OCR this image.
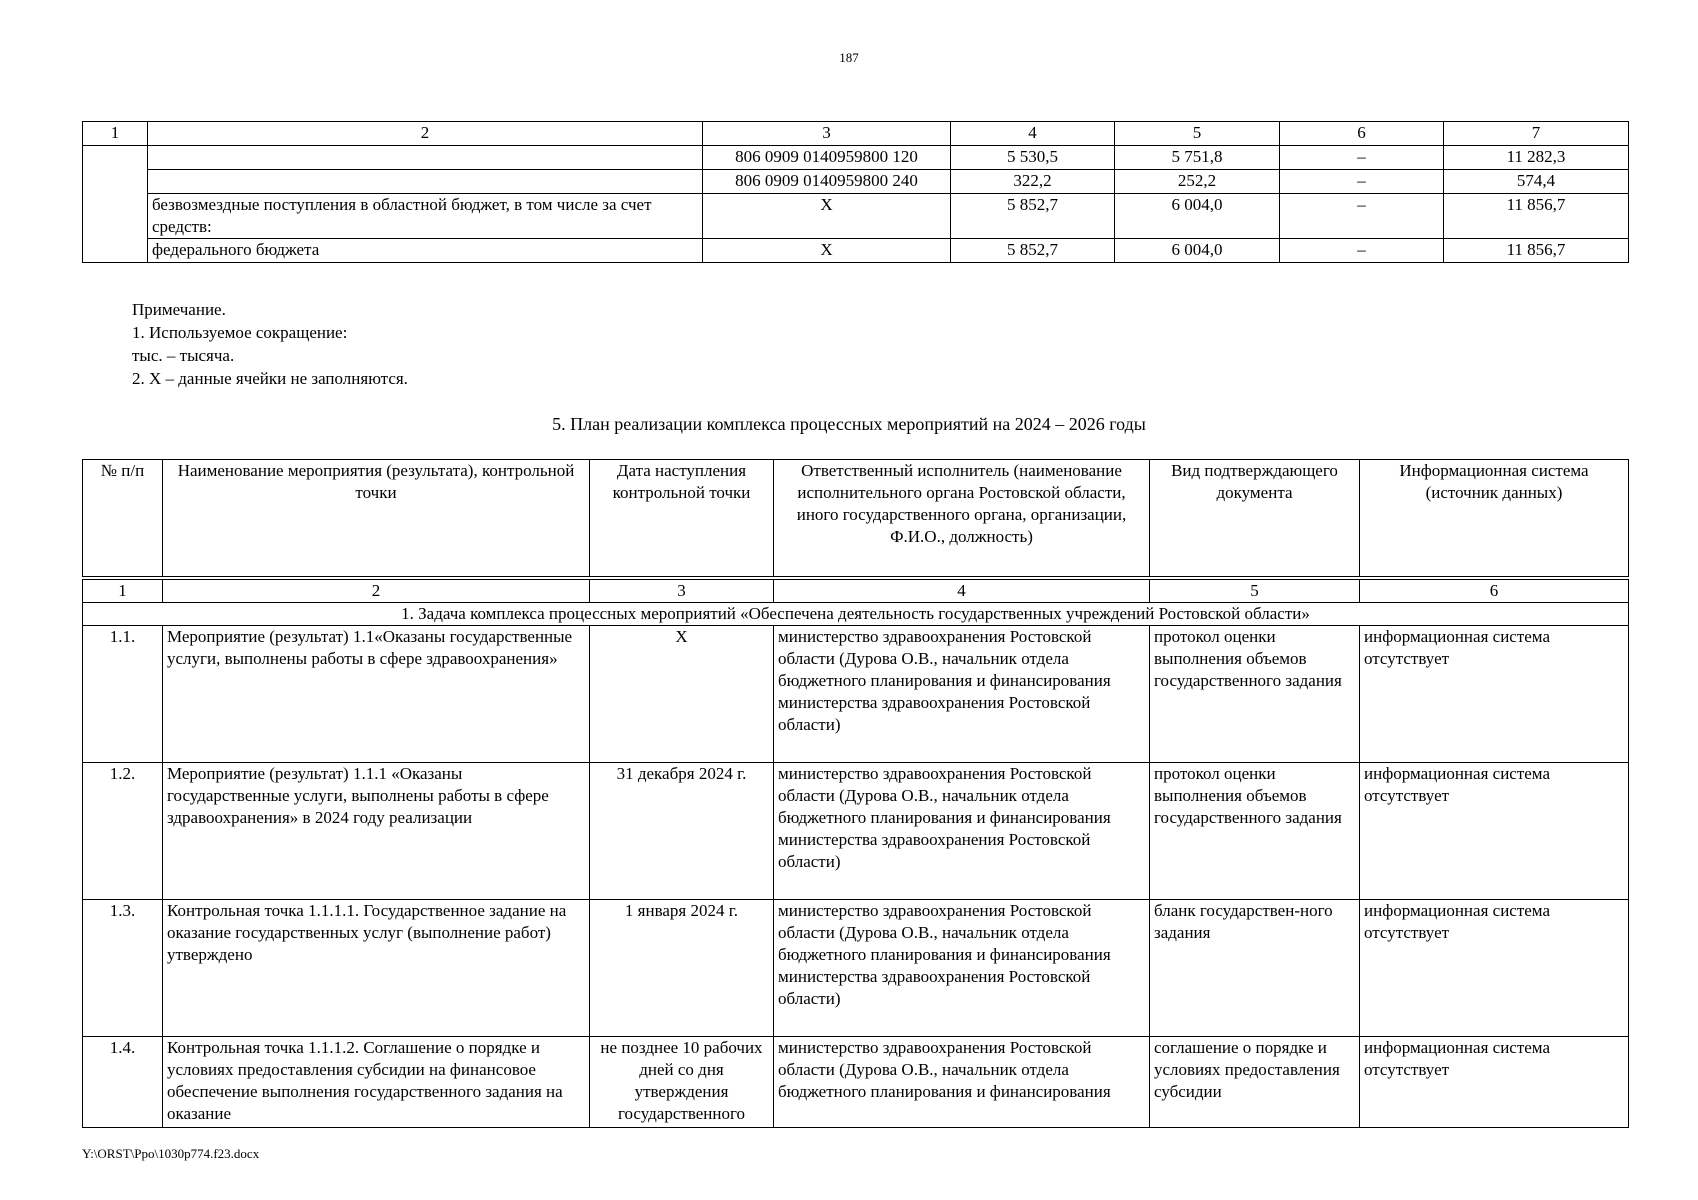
187
1	2	3	4	5	6	7
		806 0909 0140959800 120	5 530,5	5 751,8	–	11 282,3
		806 0909 0140959800 240	322,2	252,2	–	574,4
	безвозмездные поступления в областной бюджет, в том числе за счет средств:	X	5 852,7	6 004,0	–	11 856,7
	федерального бюджета	X	5 852,7	6 004,0	–	11 856,7
Примечание.
1. Используемое сокращение:
тыс. – тысяча.
2. Х – данные ячейки не заполняются.
5. План реализации комплекса процессных мероприятий на 2024 – 2026 годы
№ п/п	Наименование мероприятия (результата), контрольной точки	Дата наступления контрольной точки	Ответственный исполнитель (наименование исполнительного органа Ростовской области, иного государственного органа, организации, Ф.И.О., должность)	Вид подтверждающего документа	Информационная система (источник данных)
1	2	3	4	5	6
1. Задача комплекса процессных мероприятий «Обеспечена деятельность государственных учреждений Ростовской области»					
1.1.	Мероприятие (результат) 1.1«Оказаны государственные услуги, выполнены работы в сфере здравоохранения»	X	министерство здравоохранения Ростовской области (Дурова О.В., начальник отдела бюджетного планирования и финансирования министерства здравоохранения Ростовской области)	протокол оценки выполнения объемов государственного задания	информационная система отсутствует
1.2.	Мероприятие (результат) 1.1.1 «Оказаны государственные услуги, выполнены работы в сфере здравоохранения» в 2024 году реализации	31 декабря 2024 г.	министерство здравоохранения Ростовской области (Дурова О.В., начальник отдела бюджетного планирования и финансирования министерства здравоохранения Ростовской области)	протокол оценки выполнения объемов государственного задания	информационная система отсутствует
1.3.	Контрольная точка 1.1.1.1. Государственное задание на оказание государственных услуг (выполнение работ) утверждено	1 января 2024 г.	министерство здравоохранения Ростовской области (Дурова О.В., начальник отдела бюджетного планирования и финансирования министерства здравоохранения Ростовской области)	бланк государствен-ного задания	информационная система отсутствует
1.4.	Контрольная точка 1.1.1.2. Соглашение о порядке и условиях предоставления субсидии на финансовое обеспечение выполнения государственного задания на оказание	не позднее 10 рабочих дней со дня утверждения государственного	министерство здравоохранения Ростовской области (Дурова О.В., начальник отдела бюджетного планирования и финансирования	соглашение о порядке и условиях предоставления субсидии	информационная система отсутствует
Y:\ORST\Ppo\1030p774.f23.docx
